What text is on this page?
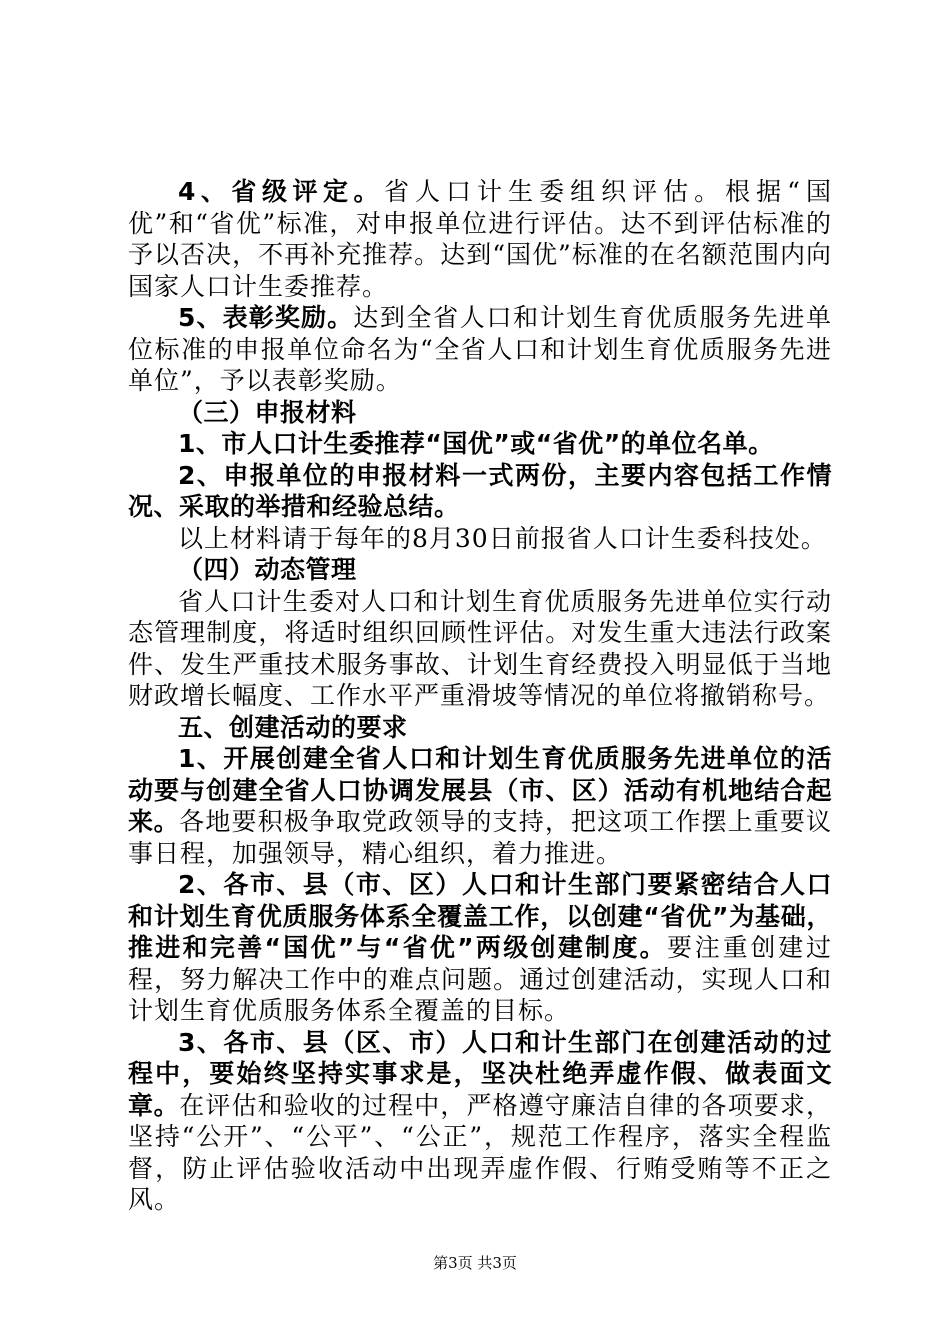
4、省级评定。省人口计生委组织评估。根据“国优”和“省优”标准，对申报单位进行评估。达不到评估标准的予以否决，不再补充推荐。达到“国优”标准的在名额范围内向国家人口计生委推荐。

5、表彰奖励。达到全省人口和计划生育优质服务先进单位标准的申报单位命名为“全省人口和计划生育优质服务先进单位”，予以表彰奖励。

（三）申报材料

1、市人口计生委推荐“国优”或“省优”的单位名单。

2、申报单位的申报材料一式两份，主要内容包括工作情况、采取的举措和经验总结。

以上材料请于每年的8月30日前报省人口计生委科技处。

（四）动态管理

省人口计生委对人口和计划生育优质服务先进单位实行动态管理制度，将适时组织回顾性评估。对发生重大违法行政案件、发生严重技术服务事故、计划生育经费投入明显低于当地财政增长幅度、工作水平严重滑坡等情况的单位将撤销称号。

五、创建活动的要求

1、开展创建全省人口和计划生育优质服务先进单位的活动要与创建全省人口协调发展县（市、区）活动有机地结合起来。各地要积极争取党政领导的支持，把这项工作摆上重要议事日程，加强领导，精心组织，着力推进。

2、各市、县（市、区）人口和计生部门要紧密结合人口和计划生育优质服务体系全覆盖工作，以创建“省优”为基础，推进和完善“国优”与“省优”两级创建制度。要注重创建过程，努力解决工作中的难点问题。通过创建活动，实现人口和计划生育优质服务体系全覆盖的目标。

3、各市、县（区、市）人口和计生部门在创建活动的过程中，要始终坚持实事求是，坚决杜绝弄虚作假、做表面文章。在评估和验收的过程中，严格遵守廉洁自律的各项要求，坚持“公开”、“公平”、“公正”，规范工作程序，落实全程监督，防止评估验收活动中出现弄虚作假、行贿受贿等不正之风。

第3页 共3页
